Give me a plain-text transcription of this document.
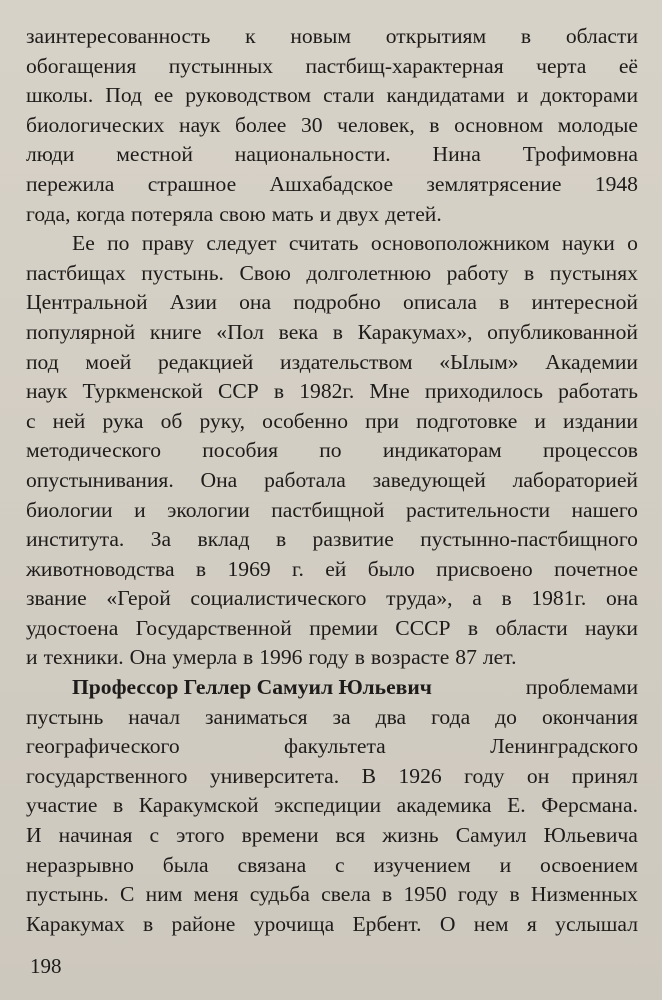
заинтересованность к новым открытиям в области
обогащения пустынных пастбищ-характерная черта её
школы. Под ее руководством стали кандидатами и докторами
биологических наук более 30 человек, в основном молодые
люди местной национальности. Нина Трофимовна
пережила страшное Ашхабадское землятрясение 1948
года, когда потеряла свою мать и двух детей.
Ее по праву следует считать основоположником науки о
пастбищах пустынь. Свою долголетнюю работу в пустынях
Центральной Азии она подробно описала в интересной
популярной книге «Пол века в Каракумах», опубликованной
под моей редакцией издательством «Ылым» Академии
наук Туркменской ССР в 1982г. Мне приходилось работать
с ней рука об руку, особенно при подготовке и издании
методического пособия по индикаторам процессов
опустынивания. Она работала заведующей лабораторией
биологии и экологии пастбищной растительности нашего
института. За вклад в развитие пустынно-пастбищного
животноводства в 1969 г. ей было присвоено почетное
звание «Герой социалистического труда», а в 1981г. она
удостоена Государственной премии СССР в области науки
и техники. Она умерла в 1996 году в возрасте 87 лет.
Профессор Геллер Самуил Юльевич	проблемами
пустынь начал заниматься за два года до окончания
географического	факультета	Ленинградского
государственного университета. В 1926 году он принял
участие в Каракумской экспедиции академика Е. Ферсмана.
И начиная с этого времени вся жизнь Самуил Юльевича
неразрывно была связана с изучением и освоением
пустынь. С ним меня судьба свела в 1950 году в Низменных
Каракумах в районе урочища Ербент. О нем я услышал
198
